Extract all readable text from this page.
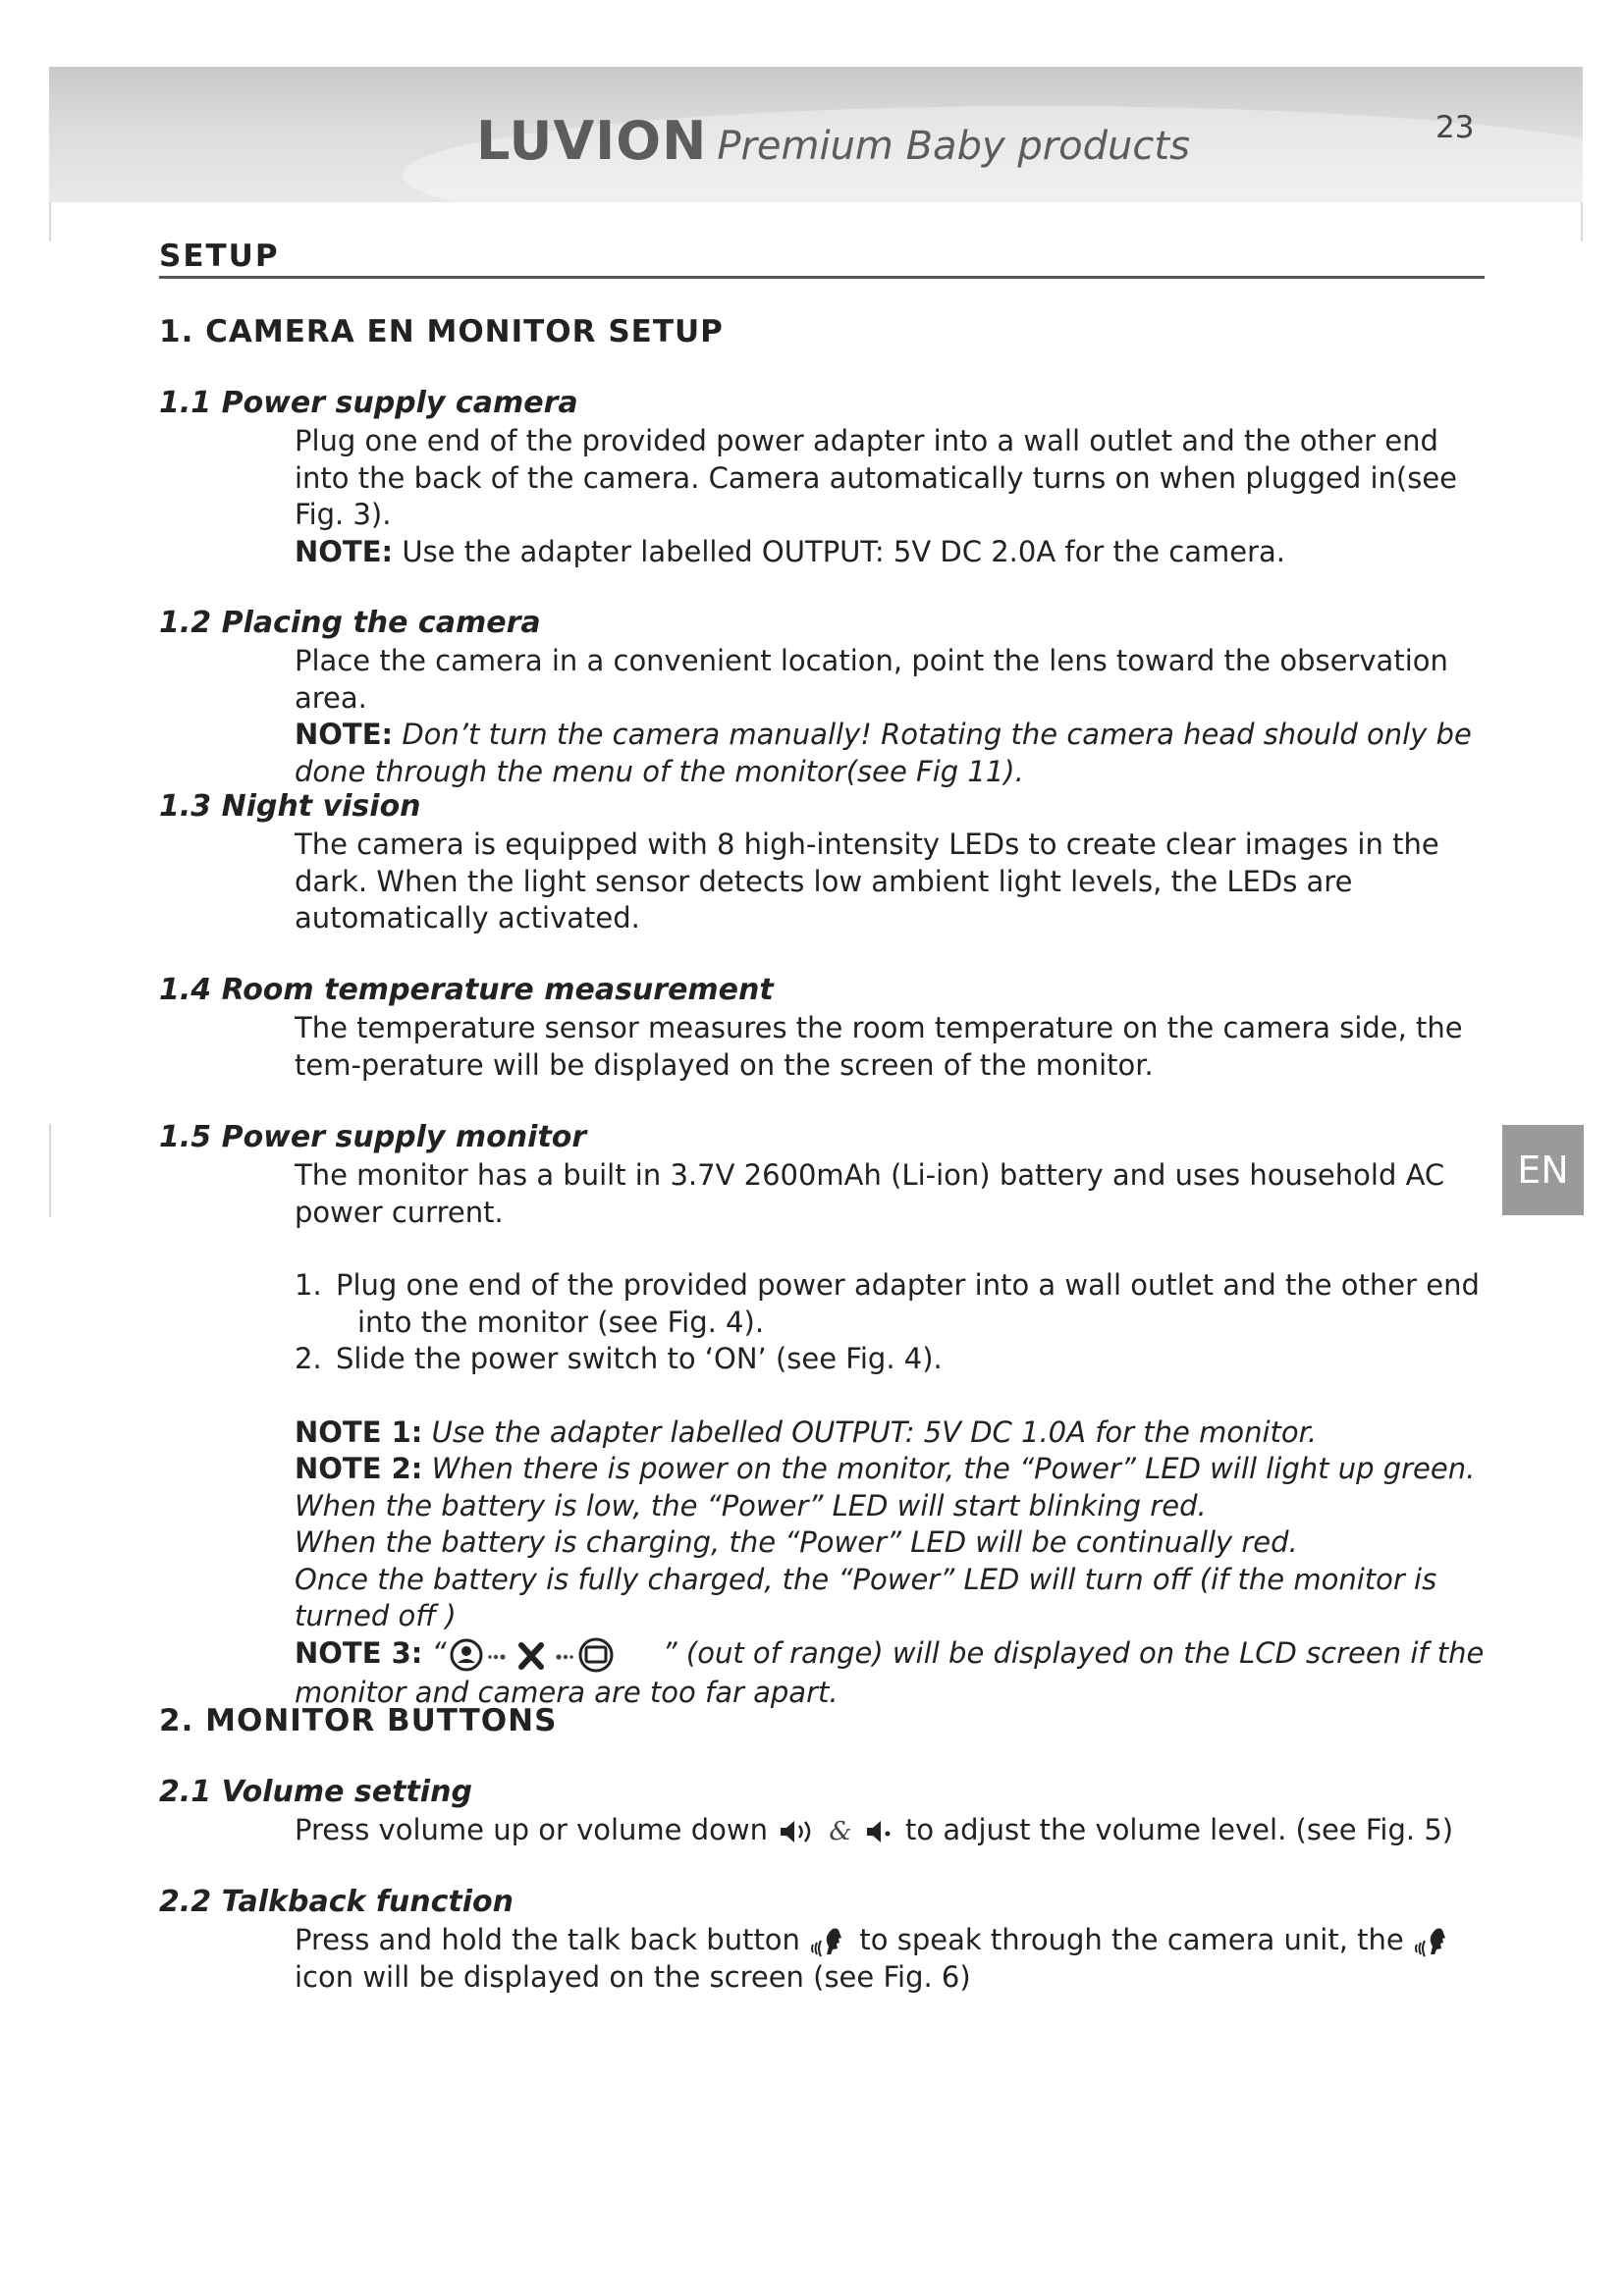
LUVION Premium Baby products	23
EN
SETUP
1. CAMERA EN MONITOR SETUP
1.1 Power supply camera

Plug one end of the provided power adapter into a wall outlet and the other end into the back of the camera. Camera automatically turns on when plugged in(see Fig. 3).

NOTE: Use the adapter labelled OUTPUT: 5V DC 2.0A for the camera.

1.2 Placing the camera

Place the camera in a convenient location, point the lens toward the observation area.

NOTE: Don’t turn the camera manually! Rotating the camera head should only be done through the menu of the monitor(see Fig 11).

1.3 Night vision

The camera is equipped with 8 high-intensity LEDs to create clear images in the dark. When the light sensor detects low ambient light levels, the LEDs are automatically activated.

1.4 Room temperature measurement

The temperature sensor measures the room temperature on the camera side, the tem-perature will be displayed on the screen of the monitor.

1.5 Power supply monitor

The monitor has a built in 3.7V 2600mAh (Li-ion) battery and uses household AC power current.

1. Plug one end of the provided power adapter into a wall outlet and the other end
into the monitor (see Fig. 4).
2. Slide the power switch to ‘ON’ (see Fig. 4).

NOTE 1: Use the adapter labelled OUTPUT: 5V DC 1.0A for the monitor.

NOTE 2: When there is power on the monitor, the “Power” LED will light up green.

When the battery is low, the “Power” LED will start blinking red.

When the battery is charging, the “Power” LED will be continually red.

Once the battery is fully charged, the “Power” LED will turn off (if the monitor is turned off )

NOTE 3: “	” (out of range) will be displayed on the LCD screen if the monitor and camera are too far apart.

2. MONITOR BUTTONS
2.1 Volume setting

Press volume up or volume down  &  to adjust the volume level. (see Fig. 5)

2.2 Talkback function

Press and hold the talk back button  to speak through the camera unit, the

icon will be displayed on the screen (see Fig. 6)
